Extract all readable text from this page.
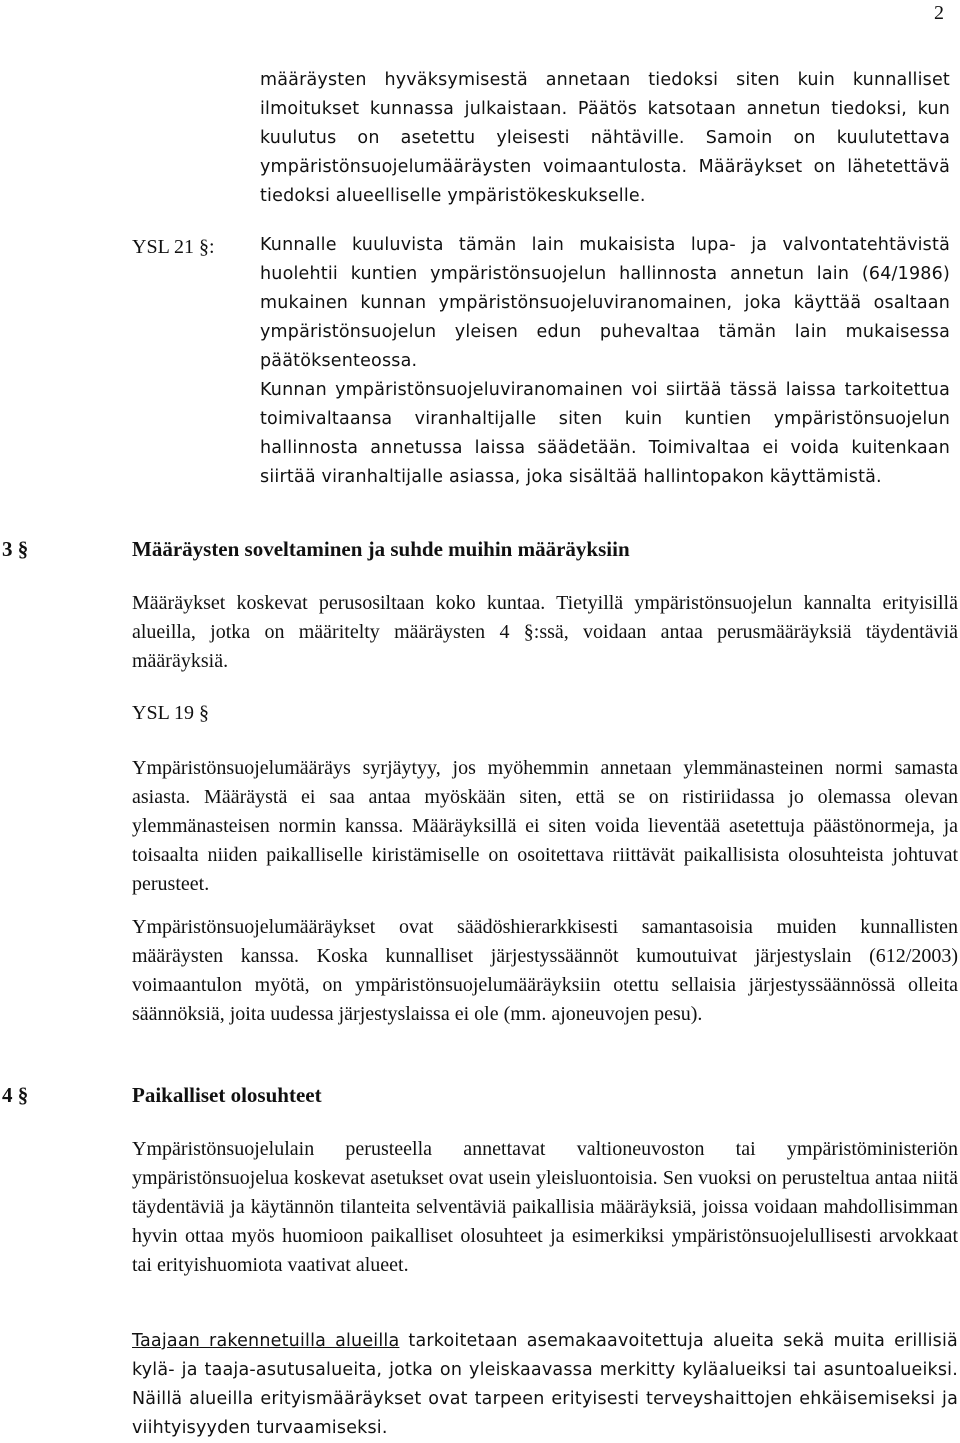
2

määräysten hyväksymisestä annetaan tiedoksi siten kuin kunnalliset ilmoitukset kunnassa julkaistaan. Päätös katsotaan annetun tiedoksi, kun kuulutus on asetettu yleisesti nähtäville. Samoin on kuulutettava ympäristönsuojelumääräysten voimaantulosta. Määräykset on lähetettävä tiedoksi alueelliselle ympäristökeskukselle.

YSL 21 §:	Kunnalle kuuluvista tämän lain mukaisista lupa- ja valvontatehtävistä huolehtii kuntien ympäristönsuojelun hallinnosta annetun lain (64/1986) mukainen kunnan ympäristönsuojeluviranomainen, joka käyttää osaltaan ympäristönsuojelun yleisen edun puhevaltaa tämän lain mukaisessa päätöksenteossa.

Kunnan ympäristönsuojeluviranomainen voi siirtää tässä laissa tarkoitettua toimivaltaansa viranhaltijalle siten kuin kuntien ympäristönsuojelun hallinnosta annetussa laissa säädetään. Toimivaltaa ei voida kuitenkaan siirtää viranhaltijalle asiassa, joka sisältää hallintopakon käyttämistä.

3 §	Määräysten soveltaminen ja suhde muihin määräyksiin

Määräykset koskevat perusosiltaan koko kuntaa. Tietyillä ympäristönsuojelun kannalta erityisillä alueilla, jotka on määritelty määräysten 4 §:ssä, voidaan antaa perusmääräyksiä täydentäviä määräyksiä.

YSL 19 §

Ympäristönsuojelumääräys syrjäytyy, jos myöhemmin annetaan ylemmänasteinen normi samasta asiasta. Määräystä ei saa antaa myöskään siten, että se on ristiriidassa jo olemassa olevan ylemmänasteisen normin kanssa. Määräyksillä ei siten voida lieventää asetettuja päästönormeja, ja toisaalta niiden paikalliselle kiristämiselle on osoitettava riittävät paikallisista olosuhteista johtuvat perusteet.

Ympäristönsuojelumääräykset ovat säädöshierarkkisesti samantasoisia muiden kunnallisten määräysten kanssa. Koska kunnalliset järjestyssäännöt kumoutuivat järjestyslain (612/2003) voimaantulon myötä, on ympäristönsuojelumääräyksiin otettu sellaisia järjestyssäännössä olleita säännöksiä, joita uudessa järjestyslaissa ei ole (mm. ajoneuvojen pesu).

4 §	Paikalliset olosuhteet

Ympäristönsuojelulain perusteella annettavat valtioneuvoston tai ympäristöministeriön ympäristönsuojelua koskevat asetukset ovat usein yleisluontoisia. Sen vuoksi on perusteltua antaa niitä täydentäviä ja käytännön tilanteita selventäviä paikallisia määräyksiä, joissa voidaan mahdollisimman hyvin ottaa myös huomioon paikalliset olosuhteet ja esimerkiksi ympäristönsuojelullisesti arvokkaat tai erityishuomiota vaativat alueet.

Taajaan rakennetuilla alueilla tarkoitetaan asemakaavoitettuja alueita sekä muita erillisiä kylä- ja taaja-asutusalueita, jotka on yleiskaavassa merkitty kyläalueiksi tai asuntoalueiksi. Näillä alueilla erityismääräykset ovat tarpeen erityisesti terveyshaittojen ehkäisemiseksi ja viihtyisyyden turvaamiseksi.
